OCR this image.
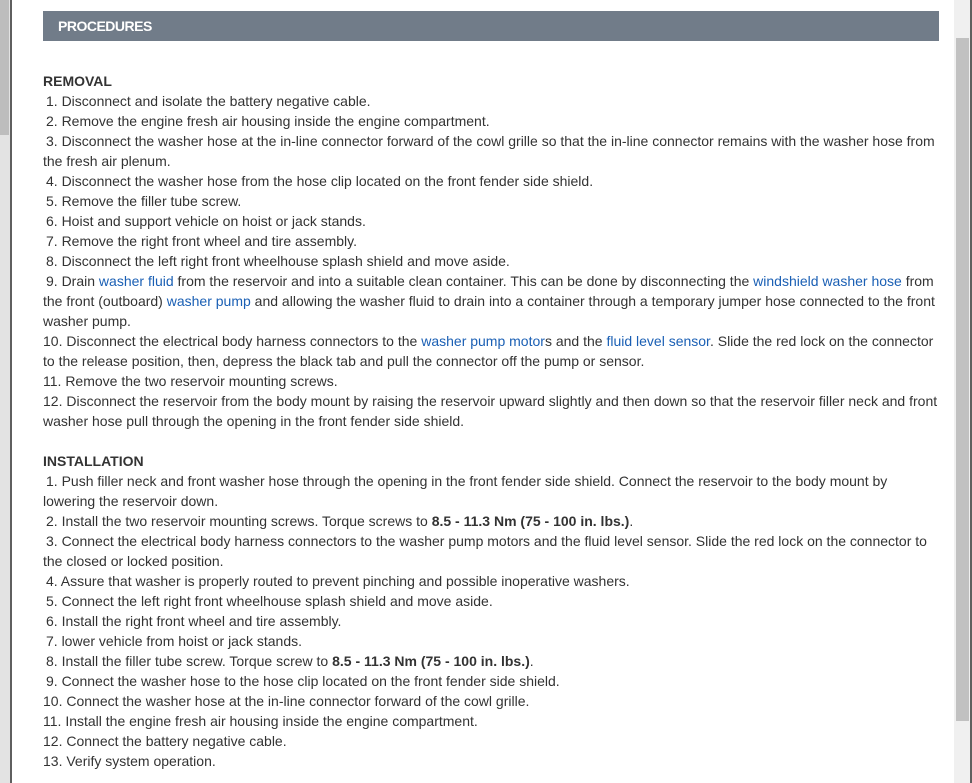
PROCEDURES
REMOVAL
1. Disconnect and isolate the battery negative cable.
2. Remove the engine fresh air housing inside the engine compartment.
3. Disconnect the washer hose at the in-line connector forward of the cowl grille so that the in-line connector remains with the washer hose from the fresh air plenum.
4. Disconnect the washer hose from the hose clip located on the front fender side shield.
5. Remove the filler tube screw.
6. Hoist and support vehicle on hoist or jack stands.
7. Remove the right front wheel and tire assembly.
8. Disconnect the left right front wheelhouse splash shield and move aside.
9. Drain washer fluid from the reservoir and into a suitable clean container. This can be done by disconnecting the windshield washer hose from the front (outboard) washer pump and allowing the washer fluid to drain into a container through a temporary jumper hose connected to the front washer pump.
10. Disconnect the electrical body harness connectors to the washer pump motors and the fluid level sensor. Slide the red lock on the connector to the release position, then, depress the black tab and pull the connector off the pump or sensor.
11. Remove the two reservoir mounting screws.
12. Disconnect the reservoir from the body mount by raising the reservoir upward slightly and then down so that the reservoir filler neck and front washer hose pull through the opening in the front fender side shield.
INSTALLATION
1. Push filler neck and front washer hose through the opening in the front fender side shield. Connect the reservoir to the body mount by lowering the reservoir down.
2. Install the two reservoir mounting screws. Torque screws to 8.5 - 11.3 Nm (75 - 100 in. lbs.).
3. Connect the electrical body harness connectors to the washer pump motors and the fluid level sensor. Slide the red lock on the connector to the closed or locked position.
4. Assure that washer is properly routed to prevent pinching and possible inoperative washers.
5. Connect the left right front wheelhouse splash shield and move aside.
6. Install the right front wheel and tire assembly.
7. lower vehicle from hoist or jack stands.
8. Install the filler tube screw. Torque screw to 8.5 - 11.3 Nm (75 - 100 in. lbs.).
9. Connect the washer hose to the hose clip located on the front fender side shield.
10. Connect the washer hose at the in-line connector forward of the cowl grille.
11. Install the engine fresh air housing inside the engine compartment.
12. Connect the battery negative cable.
13. Verify system operation.
